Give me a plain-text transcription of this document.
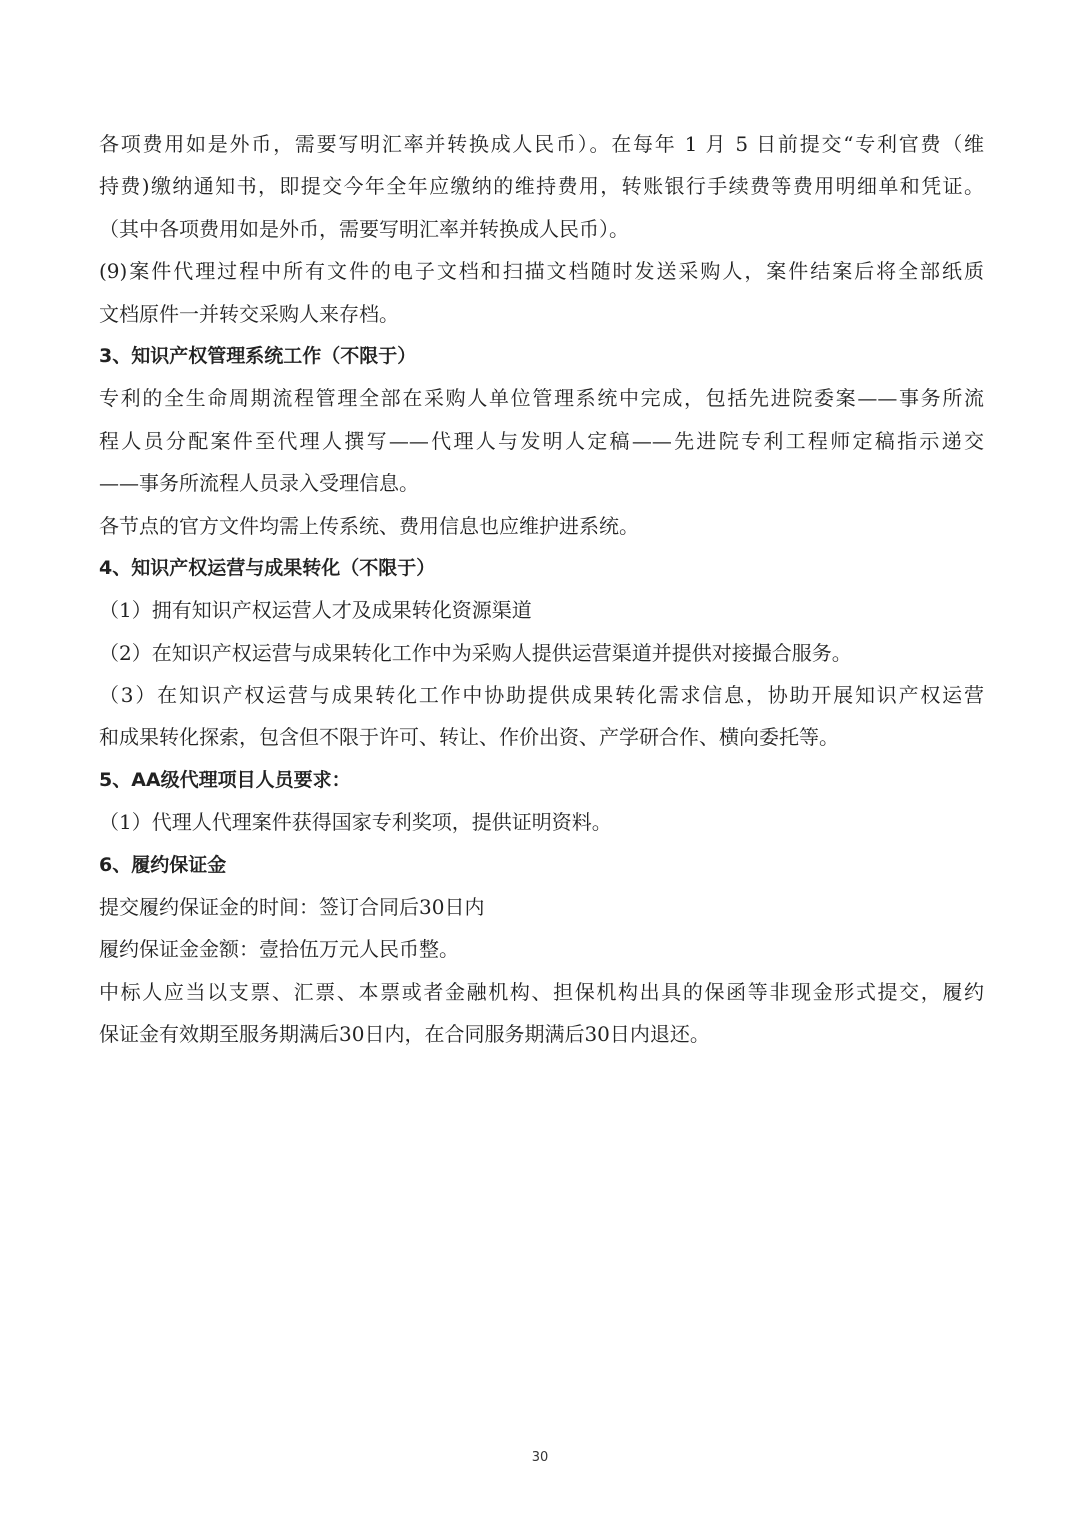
各项费用如是外币，需要写明汇率并转换成人民币）。在每年 1 月 5 日前提交“专利官费（维
持费)缴纳通知书，即提交今年全年应缴纳的维持费用，转账银行手续费等费用明细单和凭证。
（其中各项费用如是外币，需要写明汇率并转换成人民币）。
(9)案件代理过程中所有文件的电子文档和扫描文档随时发送采购人，案件结案后将全部纸质
文档原件一并转交采购人来存档。
3、知识产权管理系统工作（不限于）
专利的全生命周期流程管理全部在采购人单位管理系统中完成，包括先进院委案——事务所流
程人员分配案件至代理人撰写——代理人与发明人定稿——先进院专利工程师定稿指示递交
——事务所流程人员录入受理信息。
各节点的官方文件均需上传系统、费用信息也应维护进系统。
4、知识产权运营与成果转化（不限于）
（1）拥有知识产权运营人才及成果转化资源渠道
（2）在知识产权运营与成果转化工作中为采购人提供运营渠道并提供对接撮合服务。
（3）在知识产权运营与成果转化工作中协助提供成果转化需求信息，协助开展知识产权运营
和成果转化探索，包含但不限于许可、转让、作价出资、产学研合作、横向委托等。
5、AA级代理项目人员要求：
（1）代理人代理案件获得国家专利奖项，提供证明资料。
6、履约保证金
提交履约保证金的时间：签订合同后30日内
履约保证金金额：壹拾伍万元人民币整。
中标人应当以支票、汇票、本票或者金融机构、担保机构出具的保函等非现金形式提交，履约
保证金有效期至服务期满后30日内，在合同服务期满后30日内退还。
30
